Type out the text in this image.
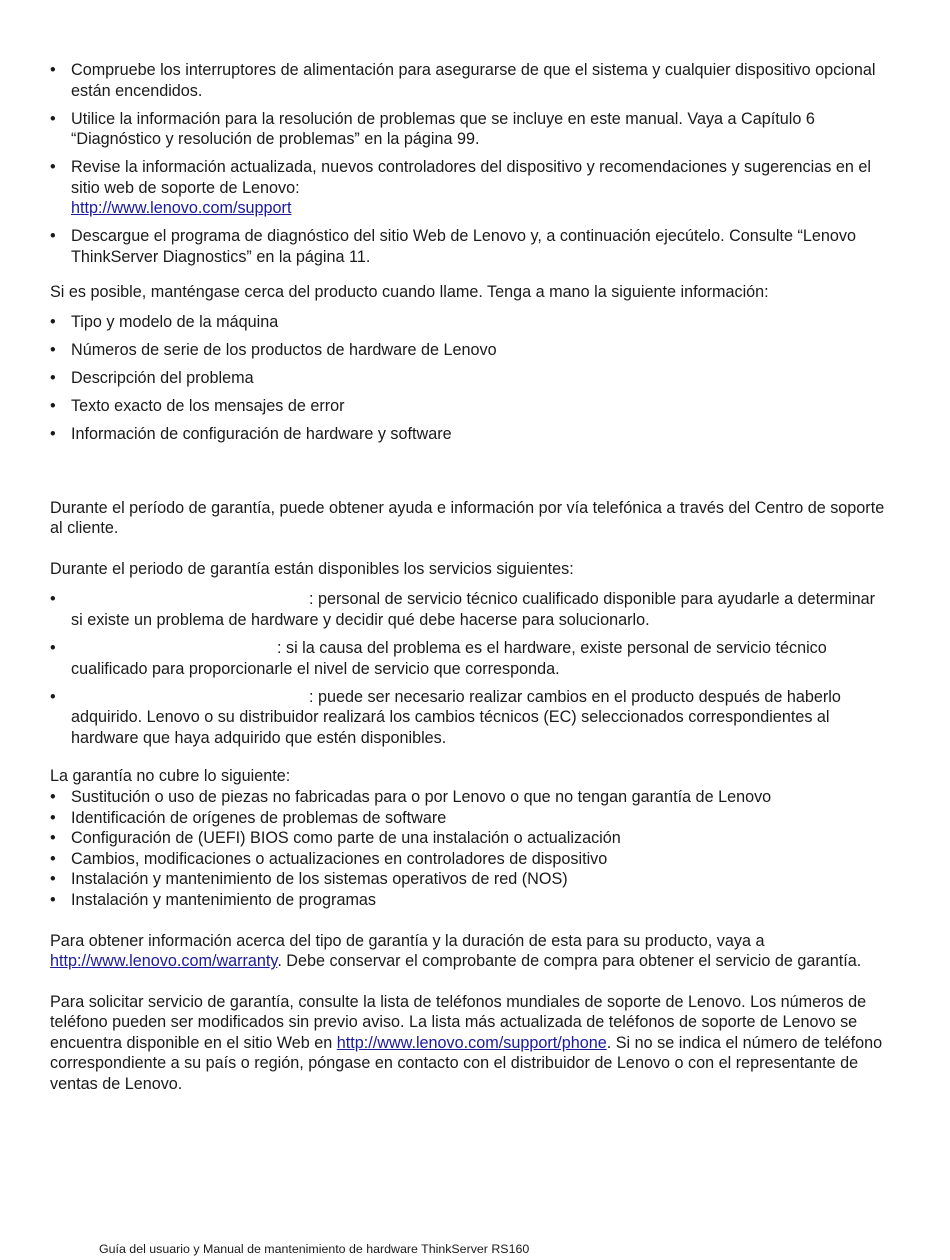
• Compruebe los interruptores de alimentación para asegurarse de que el sistema y cualquier dispositivo opcional están encendidos.
• Utilice la información para la resolución de problemas que se incluye en este manual. Vaya a Capítulo 6 “Diagnóstico y resolución de problemas” en la página 99.
• Revise la información actualizada, nuevos controladores del dispositivo y recomendaciones y sugerencias en el sitio web de soporte de Lenovo:
http://www.lenovo.com/support
• Descargue el programa de diagnóstico del sitio Web de Lenovo y, a continuación ejecútelo. Consulte “Lenovo ThinkServer Diagnostics” en la página 11.

Si es posible, manténgase cerca del producto cuando llame. Tenga a mano la siguiente información:

• Tipo y modelo de la máquina
• Números de serie de los productos de hardware de Lenovo
• Descripción del problema
• Texto exacto de los mensajes de error
• Información de configuración de hardware y software

Durante el período de garantía, puede obtener ayuda e información por vía telefónica a través del Centro de soporte al cliente.

Durante el periodo de garantía están disponibles los servicios siguientes:

•	: personal de servicio técnico cualificado disponible para ayudarle a determinar si existe un problema de hardware y decidir qué debe hacerse para solucionarlo.
•	: si la causa del problema es el hardware, existe personal de servicio técnico cualificado para proporcionarle el nivel de servicio que corresponda.
•	: puede ser necesario realizar cambios en el producto después de haberlo adquirido. Lenovo o su distribuidor realizará los cambios técnicos (EC) seleccionados correspondientes al hardware que haya adquirido que estén disponibles.

La garantía no cubre lo siguiente:

• Sustitución o uso de piezas no fabricadas para o por Lenovo o que no tengan garantía de Lenovo
• Identificación de orígenes de problemas de software
• Configuración de (UEFI) BIOS como parte de una instalación o actualización
• Cambios, modificaciones o actualizaciones en controladores de dispositivo
• Instalación y mantenimiento de los sistemas operativos de red (NOS)
• Instalación y mantenimiento de programas

Para obtener información acerca del tipo de garantía y la duración de esta para su producto, vaya a http://www.lenovo.com/warranty. Debe conservar el comprobante de compra para obtener el servicio de garantía.

Para solicitar servicio de garantía, consulte la lista de teléfonos mundiales de soporte de Lenovo. Los números de teléfono pueden ser modificados sin previo aviso. La lista más actualizada de teléfonos de soporte de Lenovo se encuentra disponible en el sitio Web en http://www.lenovo.com/support/phone. Si no se indica el número de teléfono correspondiente a su país o región, póngase en contacto con el distribuidor de Lenovo o con el representante de ventas de Lenovo.

Guía del usuario y Manual de mantenimiento de hardware ThinkServer RS160
